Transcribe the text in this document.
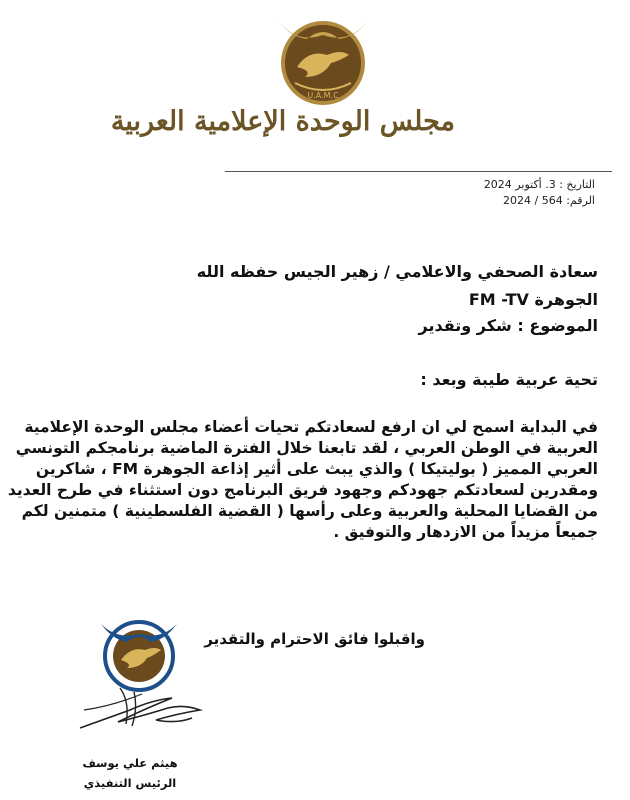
U.A.M.C
مجلس الوحدة الإعلامية العربية
التاريخ : 3. أكتوبر 2024
الرقم: 564 / 2024
سعادة الصحفي والاعلامي / زهير الجيس حفظه الله
الجوهرة FM -TV
الموضوع : شكر وتقدير
تحية عربية طيبة وبعد :
في البداية اسمح لي ان ارفع لسعادتكم تحيات أعضاء مجلس الوحدة الإعلامية
العربية في الوطن العربي ، لقد تابعنا خلال الفترة الماضية برنامجكم التونسي
العربي المميز ( بوليتيكا ) والذي يبث على أثير إذاعة الجوهرة FM ، شاكرين
ومقدرين لسعادتكم جهودكم وجهود فريق البرنامج دون استثناء في طرح العديد
من القضايا المحلية والعربية وعلى رأسها ( القضية الفلسطينية ) متمنين لكم
جميعاً مزيداً من الازدهار والتوفيق .
واقبلوا فائق الاحترام والتقدير
هيثم علي يوسف
الرئيس التنفيذي
